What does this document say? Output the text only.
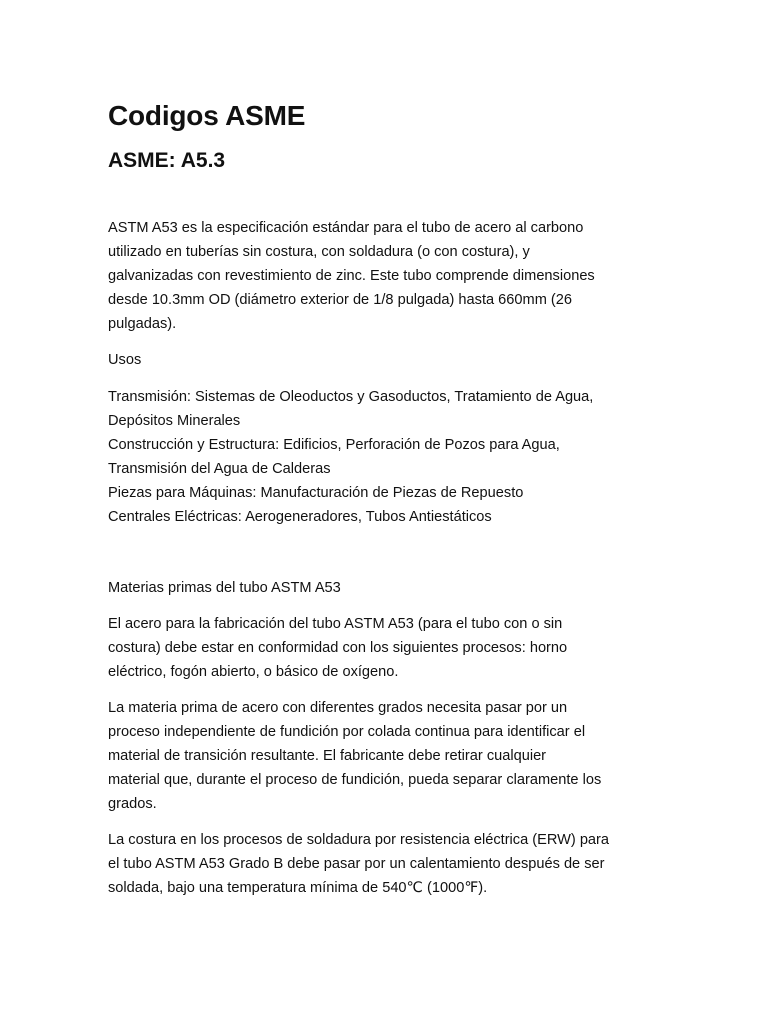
Codigos ASME
ASME: A5.3

ASTM A53 es la especificación estándar para el tubo de acero al carbono
utilizado en tuberías sin costura, con soldadura (o con costura), y
galvanizadas con revestimiento de zinc. Este tubo comprende dimensiones
desde 10.3mm OD (diámetro exterior de 1/8 pulgada) hasta 660mm (26
pulgadas).

Usos

Transmisión: Sistemas de Oleoductos y Gasoductos, Tratamiento de Agua,
Depósitos Minerales
Construcción y Estructura: Edificios, Perforación de Pozos para Agua,
Transmisión del Agua de Calderas
Piezas para Máquinas: Manufacturación de Piezas de Repuesto
Centrales Eléctricas: Aerogeneradores, Tubos Antiestáticos

Materias primas del tubo ASTM A53

El acero para la fabricación del tubo ASTM A53 (para el tubo con o sin
costura) debe estar en conformidad con los siguientes procesos: horno
eléctrico, fogón abierto, o básico de oxígeno.

La materia prima de acero con diferentes grados necesita pasar por un
proceso independiente de fundición por colada continua para identificar el
material de transición resultante. El fabricante debe retirar cualquier
material que, durante el proceso de fundición, pueda separar claramente los
grados.

La costura en los procesos de soldadura por resistencia eléctrica (ERW) para
el tubo ASTM A53 Grado B debe pasar por un calentamiento después de ser
soldada, bajo una temperatura mínima de 540℃ (1000℉).
